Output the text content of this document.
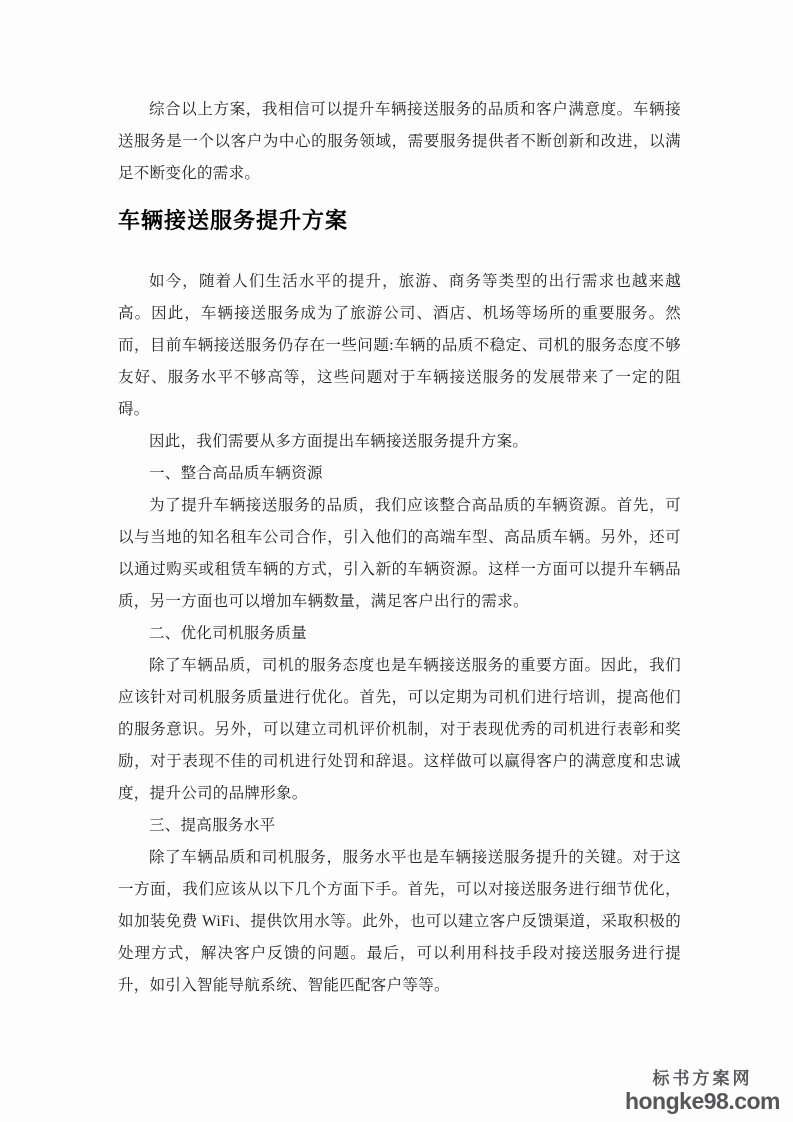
综合以上方案，我相信可以提升车辆接送服务的品质和客户满意度。车辆接送服务是一个以客户为中心的服务领域，需要服务提供者不断创新和改进，以满足不断变化的需求。

车辆接送服务提升方案

如今，随着人们生活水平的提升，旅游、商务等类型的出行需求也越来越高。因此，车辆接送服务成为了旅游公司、酒店、机场等场所的重要服务。然而，目前车辆接送服务仍存在一些问题:车辆的品质不稳定、司机的服务态度不够友好、服务水平不够高等，这些问题对于车辆接送服务的发展带来了一定的阻碍。

因此，我们需要从多方面提出车辆接送服务提升方案。

一、整合高品质车辆资源

为了提升车辆接送服务的品质，我们应该整合高品质的车辆资源。首先，可以与当地的知名租车公司合作，引入他们的高端车型、高品质车辆。另外，还可以通过购买或租赁车辆的方式，引入新的车辆资源。这样一方面可以提升车辆品质，另一方面也可以增加车辆数量，满足客户出行的需求。

二、优化司机服务质量

除了车辆品质，司机的服务态度也是车辆接送服务的重要方面。因此，我们应该针对司机服务质量进行优化。首先，可以定期为司机们进行培训，提高他们的服务意识。另外，可以建立司机评价机制，对于表现优秀的司机进行表彰和奖励，对于表现不佳的司机进行处罚和辞退。这样做可以赢得客户的满意度和忠诚度，提升公司的品牌形象。

三、提高服务水平

除了车辆品质和司机服务，服务水平也是车辆接送服务提升的关键。对于这一方面，我们应该从以下几个方面下手。首先，可以对接送服务进行细节优化，如加装免费 WiFi、提供饮用水等。此外，也可以建立客户反馈渠道，采取积极的处理方式，解决客户反馈的问题。最后，可以利用科技手段对接送服务进行提升，如引入智能导航系统、智能匹配客户等等。

标书方案网
hongke98.com
